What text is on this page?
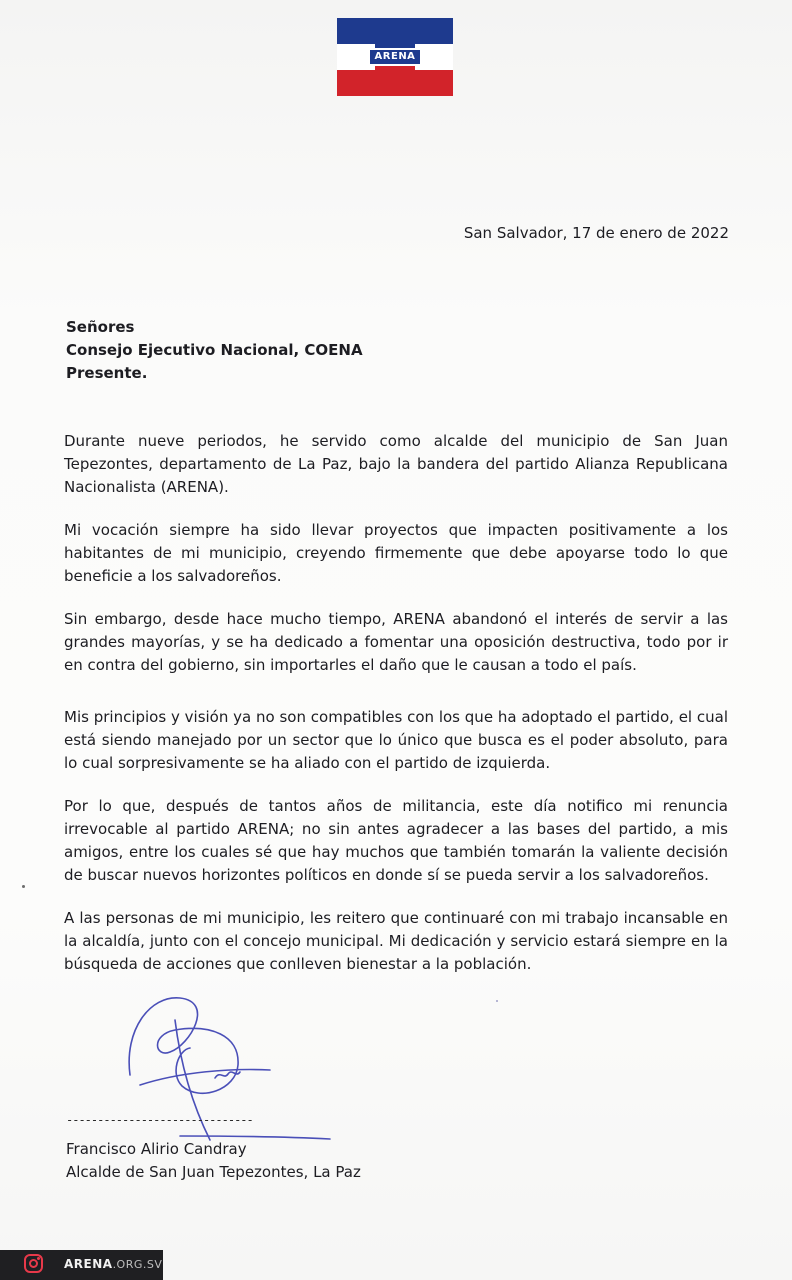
ARENA
San Salvador, 17 de enero de 2022
Señores
Consejo Ejecutivo Nacional, COENA
Presente.
Durante nueve periodos, he servido como alcalde del municipio de San Juan Tepezontes, departamento de La Paz, bajo la bandera del partido Alianza Republicana Nacionalista (ARENA).
Mi vocación siempre ha sido llevar proyectos que impacten positivamente a los habitantes de mi municipio, creyendo firmemente que debe apoyarse todo lo que beneficie a los salvadoreños.
Sin embargo, desde hace mucho tiempo, ARENA abandonó el interés de servir a las grandes mayorías, y se ha dedicado a fomentar una oposición destructiva, todo por ir en contra del gobierno, sin importarles el daño que le causan a todo el país.
Mis principios y visión ya no son compatibles con los que ha adoptado el partido, el cual está siendo manejado por un sector que lo único que busca es el poder absoluto, para lo cual sorpresivamente se ha aliado con el partido de izquierda.
Por lo que, después de tantos años de militancia, este día notifico mi renuncia irrevocable al partido ARENA; no sin antes agradecer a las bases del partido, a mis amigos, entre los cuales sé que hay muchos que también tomarán la valiente decisión de buscar nuevos horizontes políticos en donde sí se pueda servir a los salvadoreños.
A las personas de mi municipio, les reitero que continuaré con mi trabajo incansable en la alcaldía, junto con el concejo municipal. Mi dedicación y servicio estará siempre en la búsqueda de acciones que conlleven bienestar a la población.
------------------------------
Francisco Alirio Candray
Alcalde de San Juan Tepezontes, La Paz
ARENA.ORG.SV
